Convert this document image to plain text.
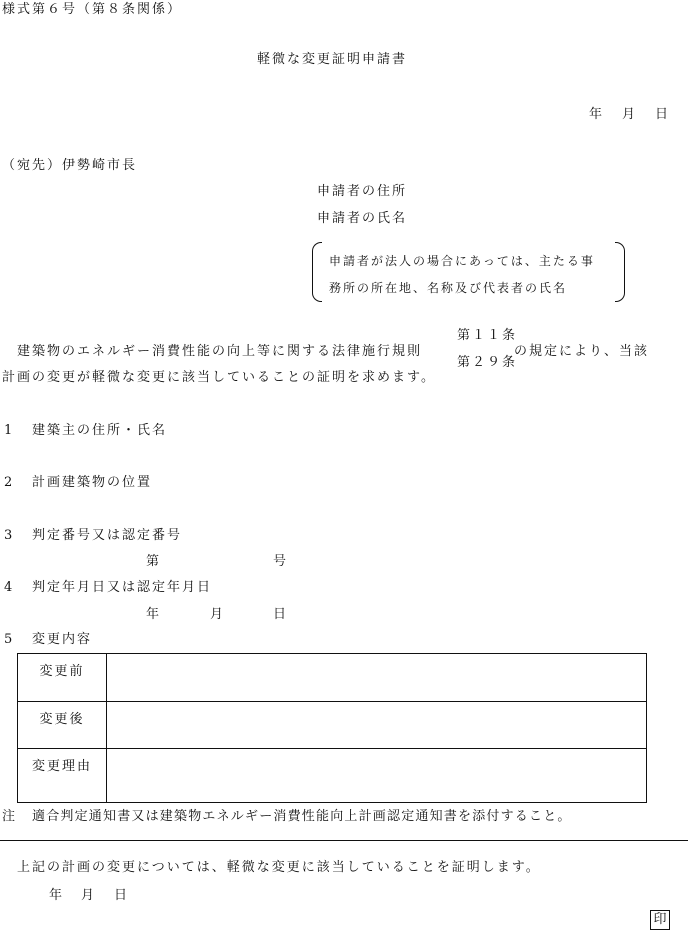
様式第６号（第８条関係）
軽微な変更証明申請書
年 月 日
（宛先）伊勢崎市長
申請者の住所
申請者の氏名
申請者が法人の場合にあっては、主たる事
務所の所在地、名称及び代表者の氏名
建築物のエネルギー消費性能の向上等に関する法律施行規則
第１１条
第２９条
の規定により、当該
計画の変更が軽微な変更に該当していることの証明を求めます。
1 建築主の住所・氏名
2 計画建築物の位置
3 判定番号又は認定番号
第	号
4 判定年月日又は認定年月日
年	月	日
5 変更内容
変更前	
変更後	
変更理由	
注 適合判定通知書又は建築物エネルギー消費性能向上計画認定通知書を添付すること。
上記の計画の変更については、軽微な変更に該当していることを証明します。
年 月 日
印
